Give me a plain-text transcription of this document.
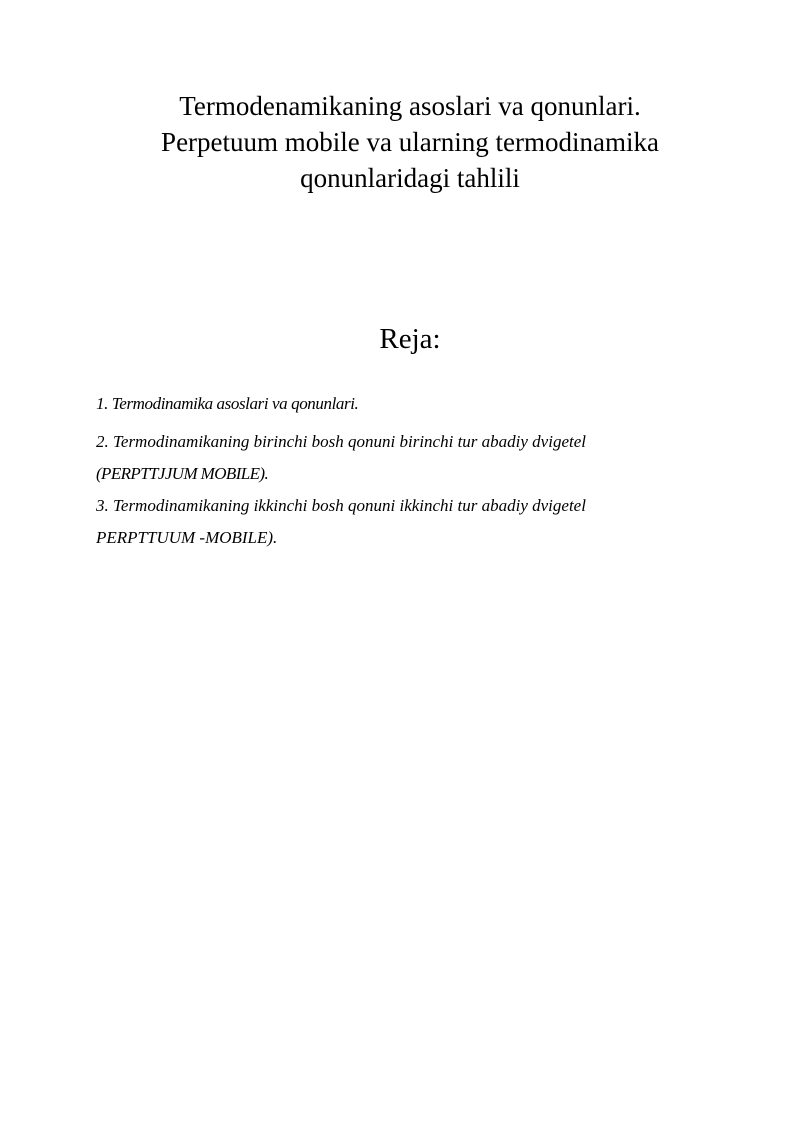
Termodenamikaning asoslari va qonunlari.
Perpetuum mobile va ularning termodinamika
qonunlaridagi tahlili
Reja:
1. Termodinamika asoslari va qonunlari.
2. Termodinamikaning birinchi bosh qonuni birinchi tur abadiy dvigetel
(PERPTTJJUM MOBILE).
3. Termodinamikaning ikkinchi bosh qonuni ikkinchi tur abadiy dvigetel
PERPTTUUM -MOBILE).
